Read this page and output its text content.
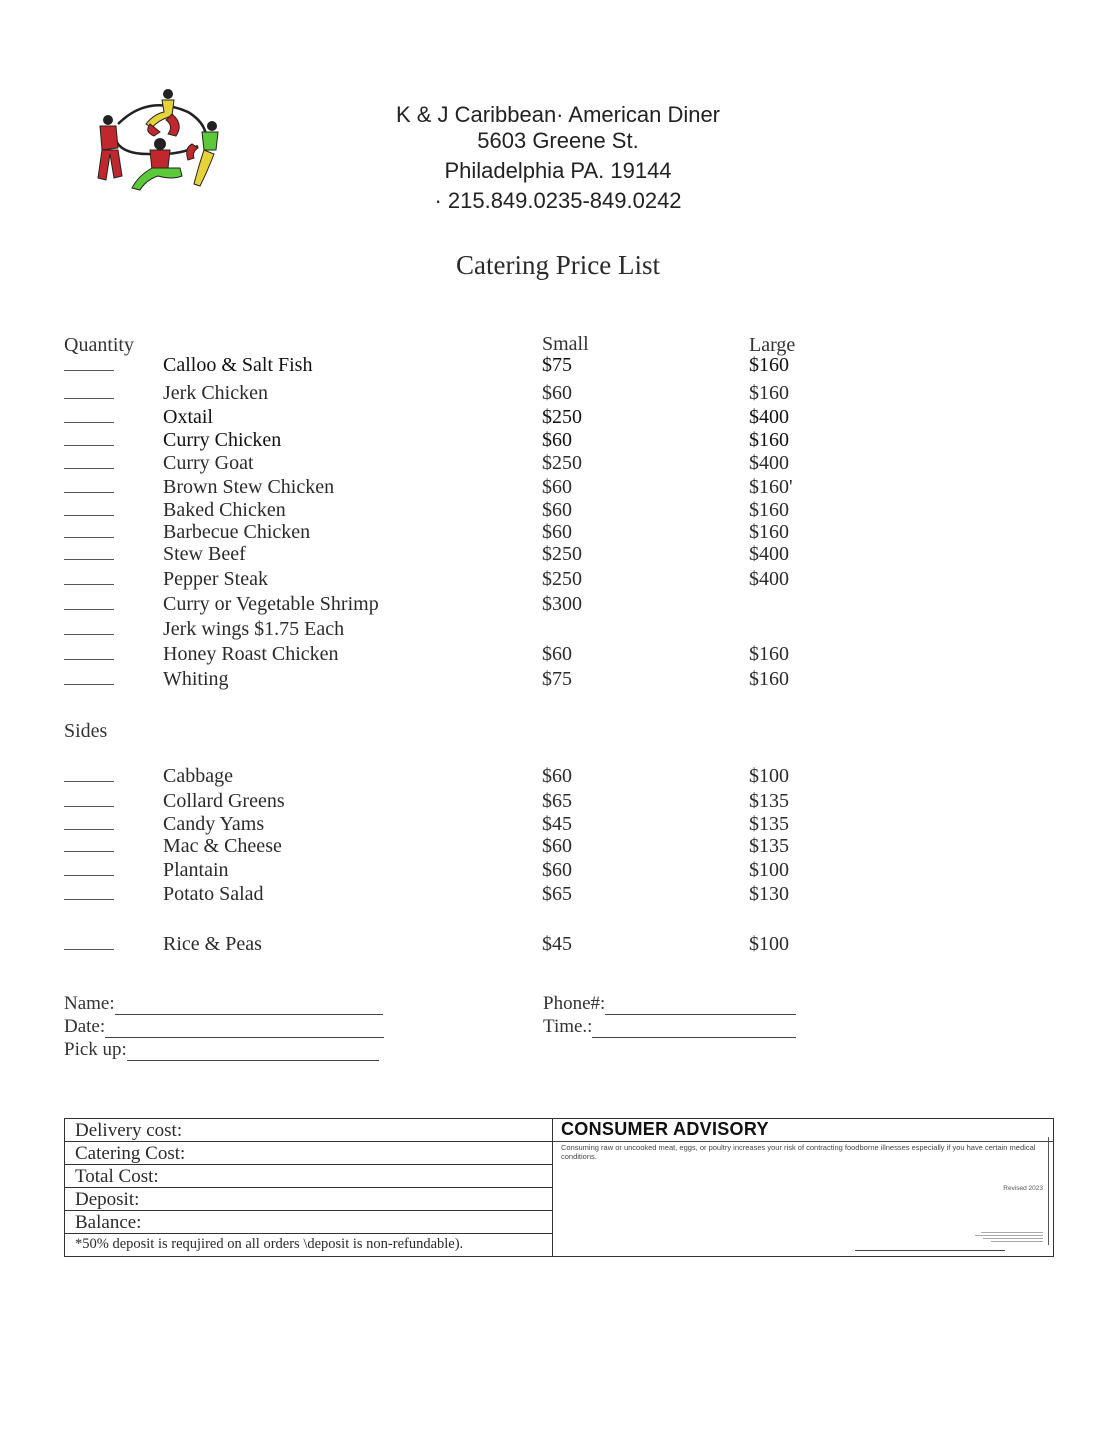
K & J Caribbean· American Diner
5603 Greene St.
Philadelphia PA. 19144
· 215.849.0235-849.0242
Catering Price List
Quantity	Small	Large
Calloo & Salt Fish	$75	$160
Jerk Chicken	$60	$160
Oxtail	$250	$400
Curry Chicken	$60	$160
Curry Goat	$250	$400
Brown Stew Chicken	$60	$160'
Baked Chicken	$60	$160
Barbecue Chicken	$60	$160
Stew Beef	$250	$400
Pepper Steak	$250	$400
Curry or Vegetable Shrimp	$300
Jerk wings $1.75 Each
Honey Roast Chicken	$60	$160
Whiting	$75	$160
Sides
Cabbage	$60	$100
Collard Greens	$65	$135
Candy Yams	$45	$135
Mac & Cheese	$60	$135
Plantain	$60	$100
Potato Salad	$65	$130
Rice & Peas	$45	$100
Name:
Date:
Pick up:
Phone#:
Time.:
Delivery cost:
Catering Cost:
Total Cost:
Deposit:
Balance:
*50% deposit is requjired on all orders \deposit is non-refundable).
CONSUMER ADVISORY
Consuming raw or uncooked meat, eggs, or poultry increases your risk of contracting foodborne illnesses especially if you have certain medical conditions.
Revised 2023
